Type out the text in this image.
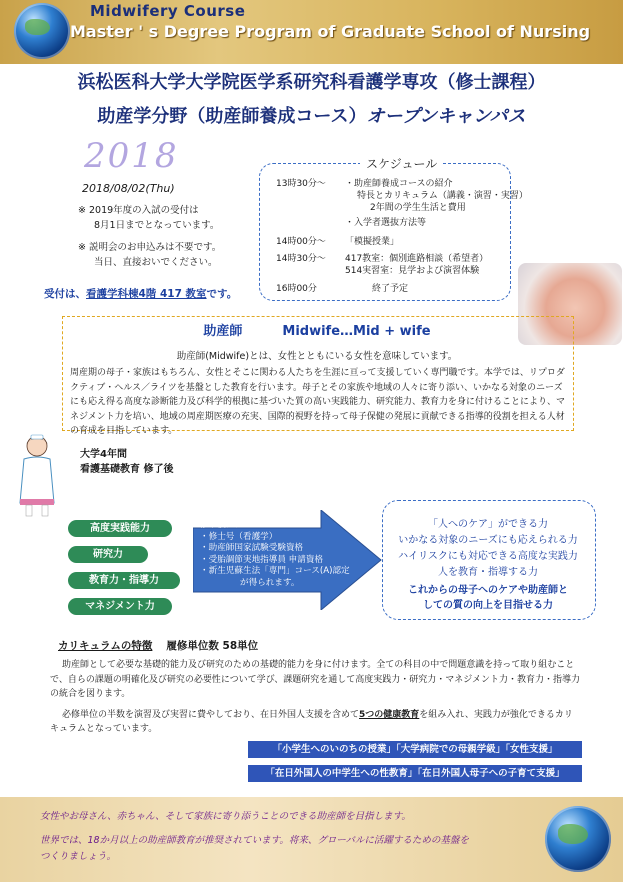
Midwifery Course
Master ' s Degree Program of Graduate School of Nursing
浜松医科大学大学院医学系研究科看護学専攻（修士課程）
助産学分野（助産師養成コース）オープンキャンパス
2018
2018/08/02(Thu)
※ 2019年度の入試の受付は
8月1日までとなっています。
※ 説明会のお申込みは不要です。
当日、直接おいでください。
受付は、看護学科棟4階 417 教室です。
スケジュール
13時30分～ ・助産師養成コースの紹介
特長とカリキュラム（講義・演習・実習）
2年間の学生生活と費用
・入学者選抜方法等
14時00分～ 「模擬授業」
14時30分～ 417教室：個別進路相談（希望者）
514実習室：見学および演習体験
16時00分	終了予定
助産師	Midwife…Mid + wife
助産師(Midwife)とは、女性とともにいる女性を意味しています。
周産期の母子・家族はもちろん、女性とそこに関わる人たちを生涯に亘って支援していく専門職です。本学では、リプロダクティブ・ヘルス／ライツを基盤とした教育を行います。母子とその家族や地域の人々に寄り添い、いかなる対象のニーズにも応え得る高度な診断能力及び科学的根拠に基づいた質の高い実践能力、研究能力、教育力を身に付けることにより、マネジメント力を培い、地域の周産期医療の充実、国際的視野を持って母子保健の発展に貢献できる指導的役割を担える人材の育成を目指しています。
大学4年間
看護基礎教育 修了後
高度実践能力
研究力
教育力・指導力
マネジメント力
修了後は、
・修士号（看護学）
・助産師国家試験受験資格
・受胎調節実地指導員 申請資格
・新生児蘇生法「専門」コース(A)認定
が得られます。
「人へのケア」ができる力
いかなる対象のニーズにも応えられる力
ハイリスクにも対応できる高度な実践力
人を教育・指導する力
これからの母子へのケアや助産師と
しての質の向上を目指せる力
カリキュラムの特徴 履修単位数 58単位
助産師として必要な基礎的能力及び研究のための基礎的能力を身に付けます。全ての科目の中で問題意識を持って取り組むことで、自らの課題の明確化及び研究の必要性について学び、課題研究を通して高度実践力・研究力・マネジメント力・教育力・指導力の統合を図ります。
必修単位の半数を演習及び実習に費やしており、在日外国人支援を含めて5つの健康教育を組み入れ、実践力が強化できるカリキュラムとなっています。
「小学生へのいのちの授業」「大学病院での母親学級」「女性支援」
「在日外国人の中学生への性教育」「在日外国人母子への子育て支援」
女性やお母さん、赤ちゃん、そして家族に寄り添うことのできる助産師を目指します。
世界では、18か月以上の助産師教育が推奨されています。将来、グローバルに活躍するための基盤を
つくりましょう。
